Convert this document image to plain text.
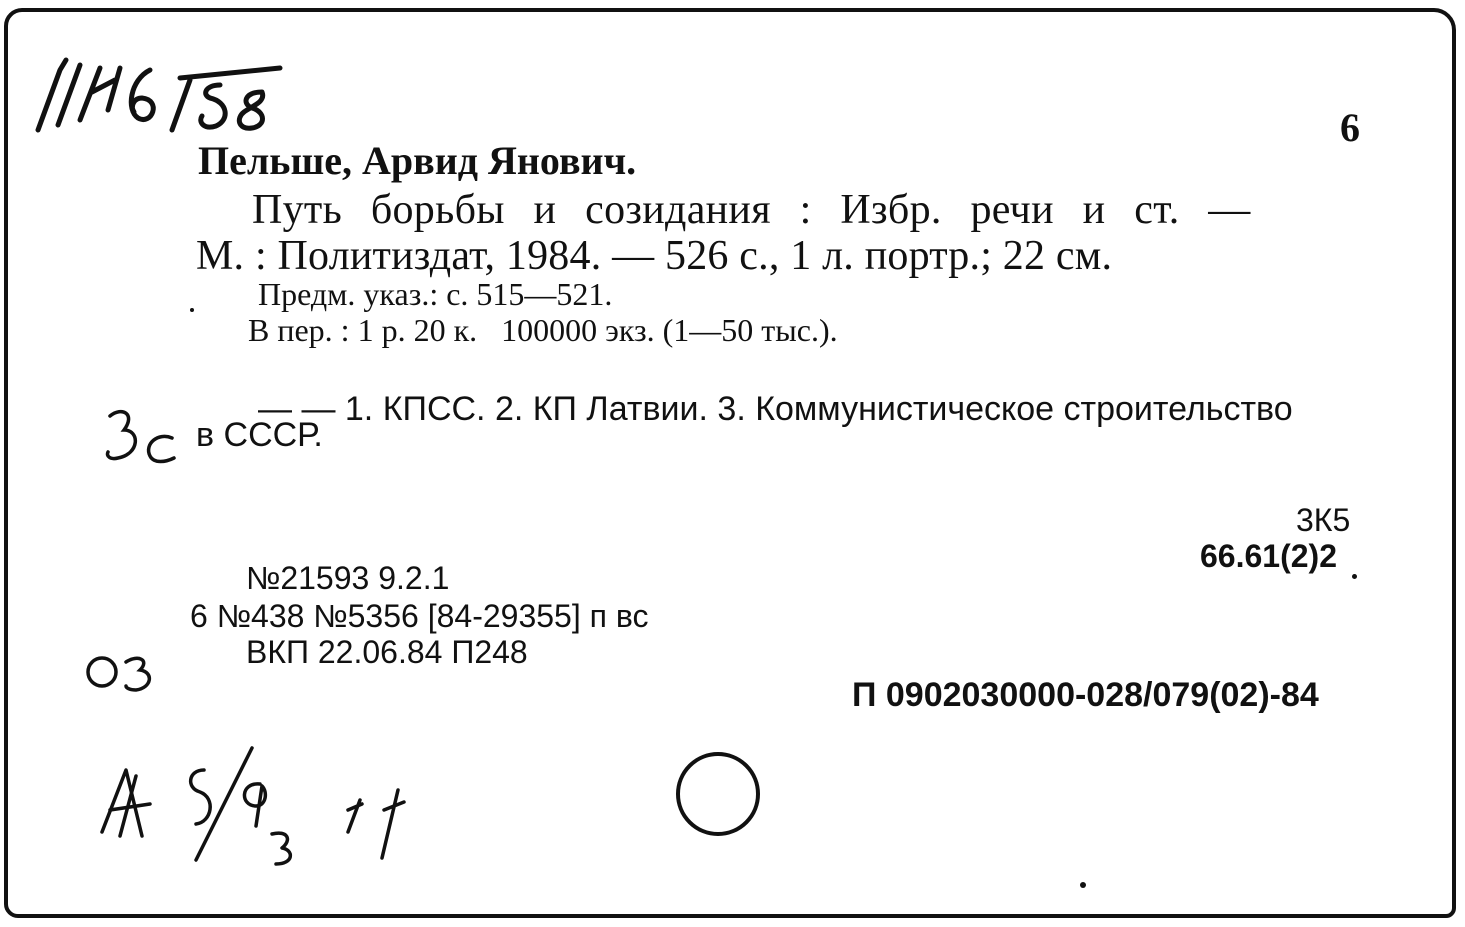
6
Пельше, Арвид Янович.
Путь борьбы и созидания : Избр. речи и ст. —
М. : Политиздат, 1984. — 526 с., 1 л. портр.; 22 см.
Предм. указ.: с. 515—521.
В пер. : 1 р. 20 к.   100000 экз. (1—50 тыс.).
— — 1. КПСС. 2. КП Латвии. 3. Коммунистическое строительство
в СССР.
3К5
66.61(2)2
№21593 9.2.1
6 №438 №5356 [84-29355] п вс
ВКП 22.06.84 П248
П 0902030000-028/079(02)-84
